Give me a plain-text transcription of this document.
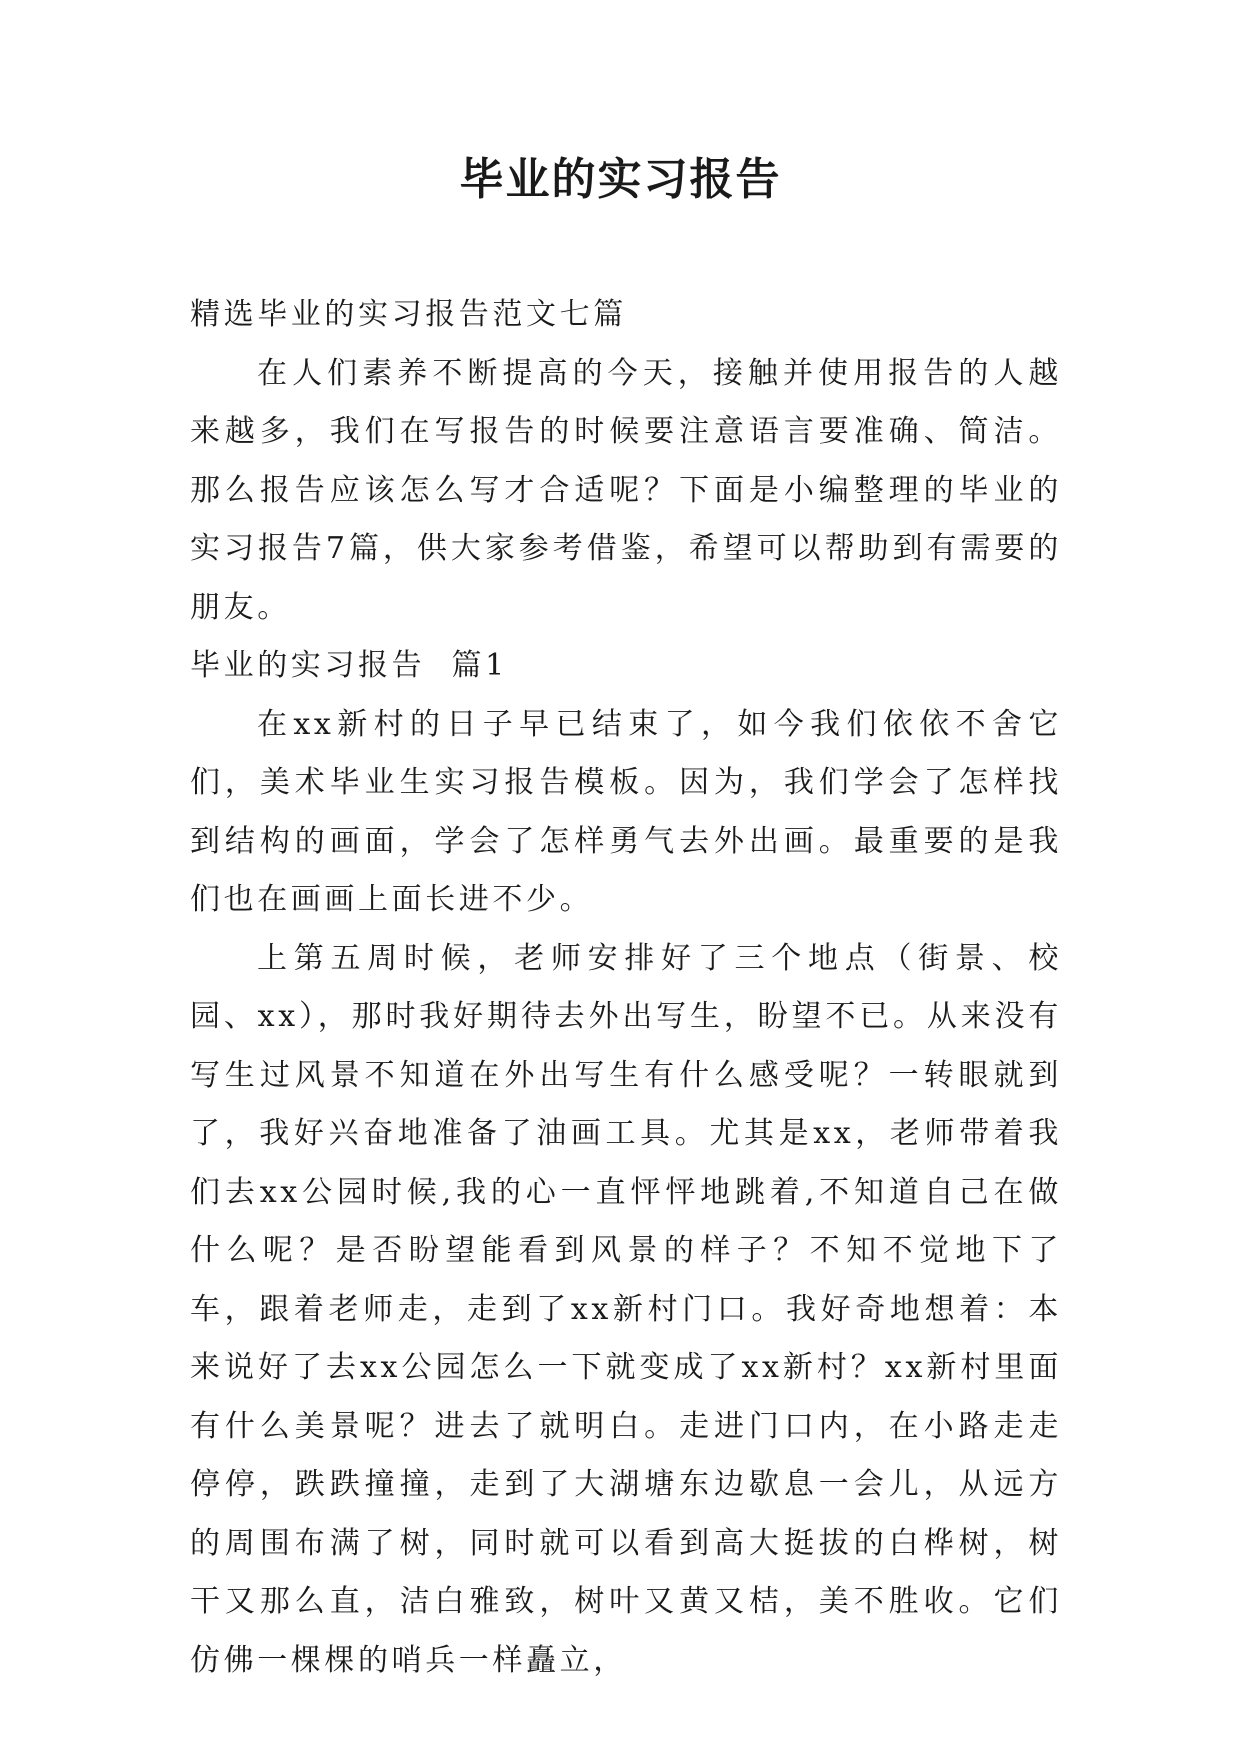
毕业的实习报告

精选毕业的实习报告范文七篇

在人们素养不断提高的今天，接触并使用报告的人越来越多，我们在写报告的时候要注意语言要准确、简洁。那么报告应该怎么写才合适呢？下面是小编整理的毕业的实习报告7篇，供大家参考借鉴，希望可以帮助到有需要的朋友。

毕业的实习报告  篇1

在xx新村的日子早已结束了，如今我们依依不舍它们，美术毕业生实习报告模板。因为，我们学会了怎样找到结构的画面，学会了怎样勇气去外出画。最重要的是我们也在画画上面长进不少。

上第五周时候，老师安排好了三个地点（街景、校园、xx），那时我好期待去外出写生，盼望不已。从来没有写生过风景不知道在外出写生有什么感受呢？一转眼就到了，我好兴奋地准备了油画工具。尤其是xx，老师带着我们去xx公园时候,我的心一直怦怦地跳着,不知道自己在做什么呢？是否盼望能看到风景的样子？不知不觉地下了车，跟着老师走，走到了xx新村门口。我好奇地想着：本来说好了去xx公园怎么一下就变成了xx新村？xx新村里面有什么美景呢？进去了就明白。走进门口内，在小路走走停停，跌跌撞撞，走到了大湖塘东边歇息一会儿，从远方的周围布满了树，同时就可以看到高大挺拔的白桦树，树干又那么直，洁白雅致，树叶又黄又桔，美不胜收。它们仿佛一棵棵的哨兵一样矗立，
